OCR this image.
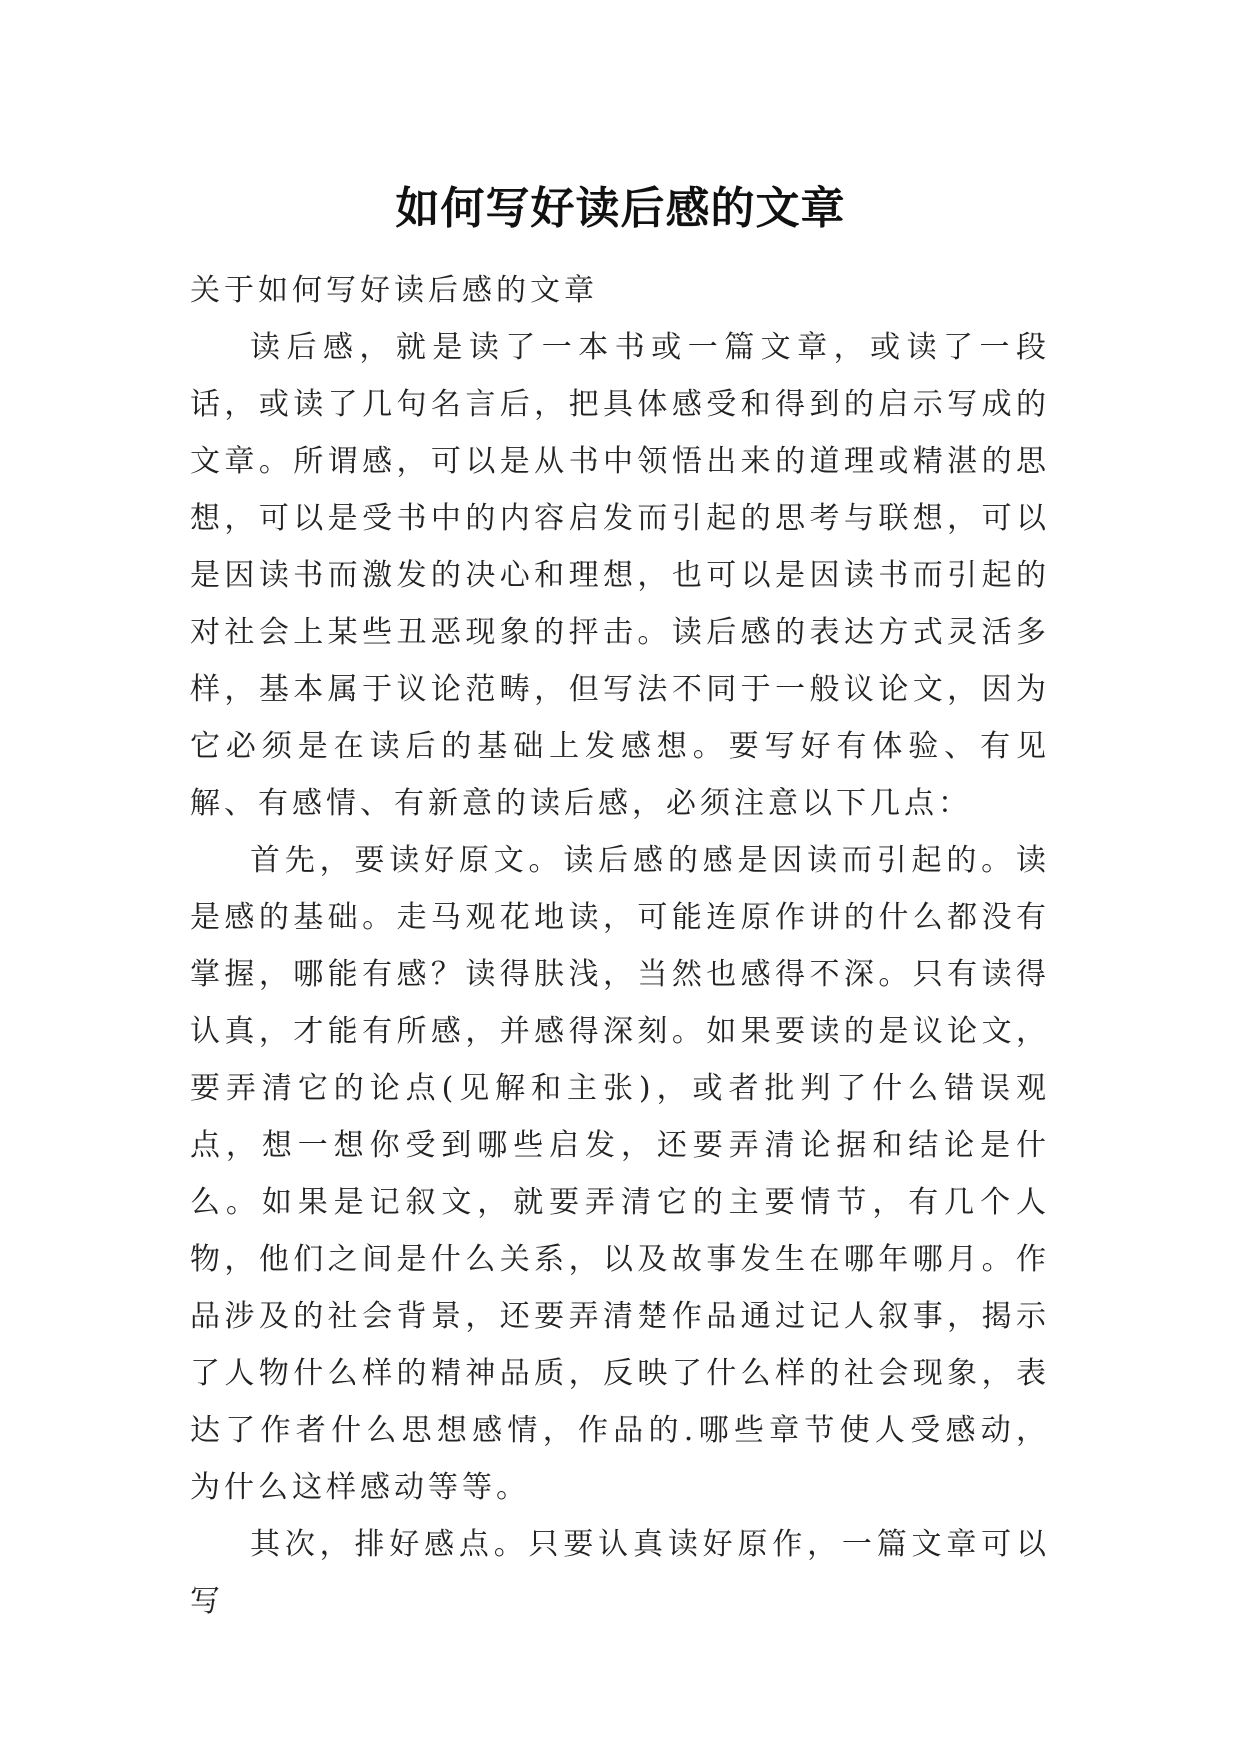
如何写好读后感的文章

关于如何写好读后感的文章

读后感，就是读了一本书或一篇文章，或读了一段话，或读了几句名言后，把具体感受和得到的启示写成的文章。所谓感，可以是从书中领悟出来的道理或精湛的思想，可以是受书中的内容启发而引起的思考与联想，可以是因读书而激发的决心和理想，也可以是因读书而引起的对社会上某些丑恶现象的抨击。读后感的表达方式灵活多样，基本属于议论范畴，但写法不同于一般议论文，因为它必须是在读后的基础上发感想。要写好有体验、有见解、有感情、有新意的读后感，必须注意以下几点：

首先，要读好原文。读后感的感是因读而引起的。读是感的基础。走马观花地读，可能连原作讲的什么都没有掌握，哪能有感？读得肤浅，当然也感得不深。只有读得认真，才能有所感，并感得深刻。如果要读的是议论文，要弄清它的论点(见解和主张)，或者批判了什么错误观点，想一想你受到哪些启发，还要弄清论据和结论是什么。如果是记叙文，就要弄清它的主要情节，有几个人物，他们之间是什么关系，以及故事发生在哪年哪月。作品涉及的社会背景，还要弄清楚作品通过记人叙事，揭示了人物什么样的精神品质，反映了什么样的社会现象，表达了作者什么思想感情，作品的.哪些章节使人受感动，为什么这样感动等等。

其次，排好感点。只要认真读好原作，一篇文章可以写
